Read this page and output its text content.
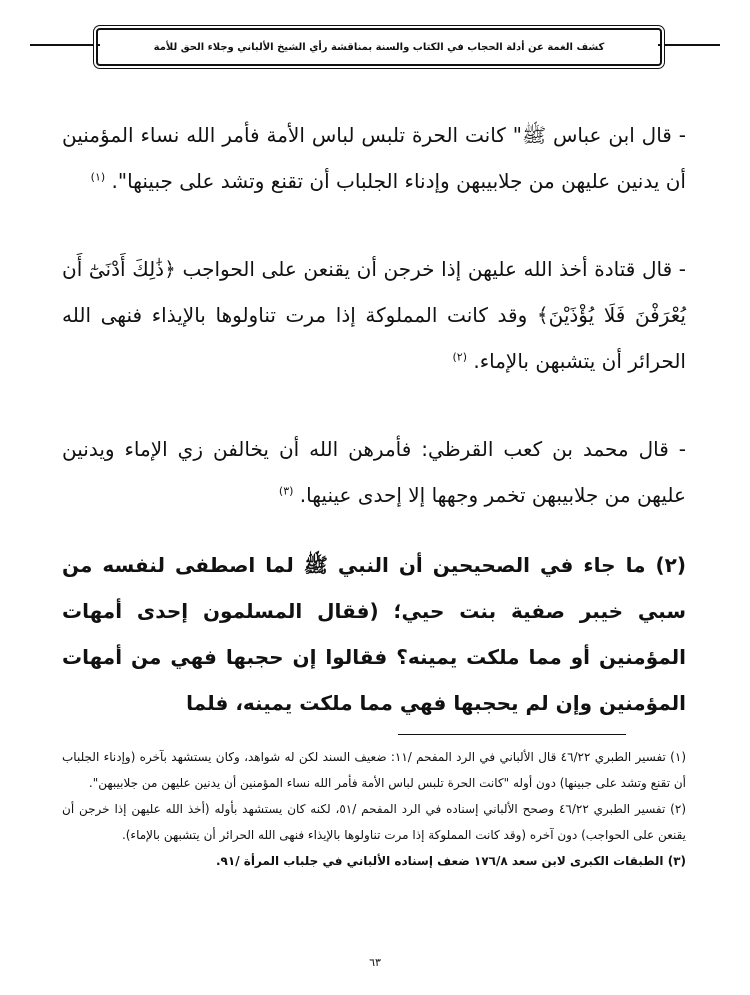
كشف الغمة عن أدلة الحجاب في الكتاب والسنة بمناقشة رأي الشيخ الألباني وجلاء الحق للأمة

- قال ابن عباس ﷺ" كانت الحرة تلبس لباس الأمة فأمر الله نساء المؤمنين أن يدنين عليهن من جلابيبهن وإدناء الجلباب أن تقنع وتشد على جبينها". $^{(١)}$

- قال قتادة أخذ الله عليهن إذا خرجن أن يقنعن على الحواجب ﴿ذَٰلِكَ أَدْنَىٰٓ أَن يُعْرَفْنَ فَلَا يُؤْذَيْنَ﴾ وقد كانت المملوكة إذا مرت تناولوها بالإيذاء فنهى الله الحرائر أن يتشبهن بالإماء. $^{(٢)}$

- قال محمد بن كعب القرظي: فأمرهن الله أن يخالفن زي الإماء ويدنين عليهن من جلابيبهن تخمر وجهها إلا إحدى عينيها. $^{(٣)}$

(٢) ما جاء في الصحيحين أن النبي ﷺ لما اصطفى لنفسه من سبي خيبر صفية بنت حيي؛ (فقال المسلمون إحدى أمهات المؤمنين أو مما ملكت يمينه؟ فقالوا إن حجبها فهي من أمهات المؤمنين وإن لم يحجبها فهي مما ملكت يمينه، فلما

(١) تفسير الطبري ٤٦/٢٢ قال الألباني في الرد المفحم /١١: ضعيف السند لكن له شواهد، وكان يستشهد بآخره (وإدناء الجلباب أن تقنع وتشد على جبينها) دون أوله "كانت الحرة تلبس لباس الأمة فأمر الله نساء المؤمنين أن يدنين عليهن من جلابيبهن".

(٢) تفسير الطبري ٤٦/٢٢ وصحح الألباني إسناده في الرد المفحم /٥١، لكنه كان يستشهد بأوله (أخذ الله عليهن إذا خرجن أن يقنعن على الحواجب) دون آخره (وقد كانت المملوكة إذا مرت تناولوها بالإيذاء فنهى الله الحرائر أن يتشبهن بالإماء).

(٣) الطبقات الكبرى لابن سعد ١٧٦/٨ ضعف إسناده الألباني في جلباب المرأة /٩١.

٦٣
